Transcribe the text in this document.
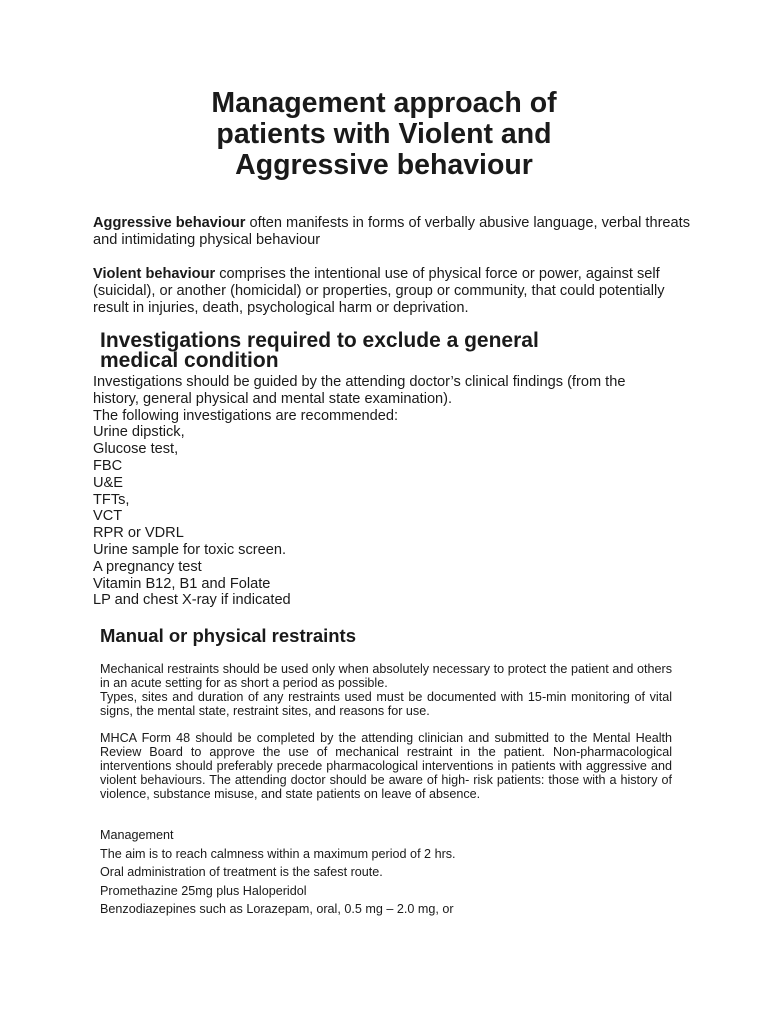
Management approach of
patients with Violent and
Aggressive behaviour

Aggressive behaviour often manifests in forms of verbally abusive language, verbal threats and intimidating physical behaviour

Violent behaviour comprises the intentional use of physical force or power, against self (suicidal), or another (homicidal) or properties, group or community, that could potentially result in injuries, death, psychological harm or deprivation.

Investigations required to exclude a general
medical condition
Investigations should be guided by the attending doctor’s clinical findings (from the
history, general physical and mental state examination).
The following investigations are recommended:
Urine dipstick,
Glucose test,
FBC
U&E
TFTs,
VCT
RPR or VDRL
Urine sample for toxic screen.
A pregnancy test
Vitamin B12, B1 and Folate
LP and chest X-ray if indicated
Manual or physical restraints

Mechanical restraints should be used only when absolutely necessary to protect the patient and others in an acute setting for as short a period as possible.
Types, sites and duration of any restraints used must be documented with 15-min monitoring of vital signs, the mental state, restraint sites, and reasons for use.

MHCA Form 48 should be completed by the attending clinician and submitted to the Mental Health Review Board to approve the use of mechanical restraint in the patient. Non-pharmacological interventions should preferably precede pharmacological interventions in patients with aggressive and violent behaviours. The attending doctor should be aware of high- risk patients: those with a history of violence, substance misuse, and state patients on leave of absence.

Management
The aim is to reach calmness within a maximum period of 2 hrs.
Oral administration of treatment is the safest route.
Promethazine 25mg plus Haloperidol
Benzodiazepines such as Lorazepam, oral, 0.5 mg – 2.0 mg, or
